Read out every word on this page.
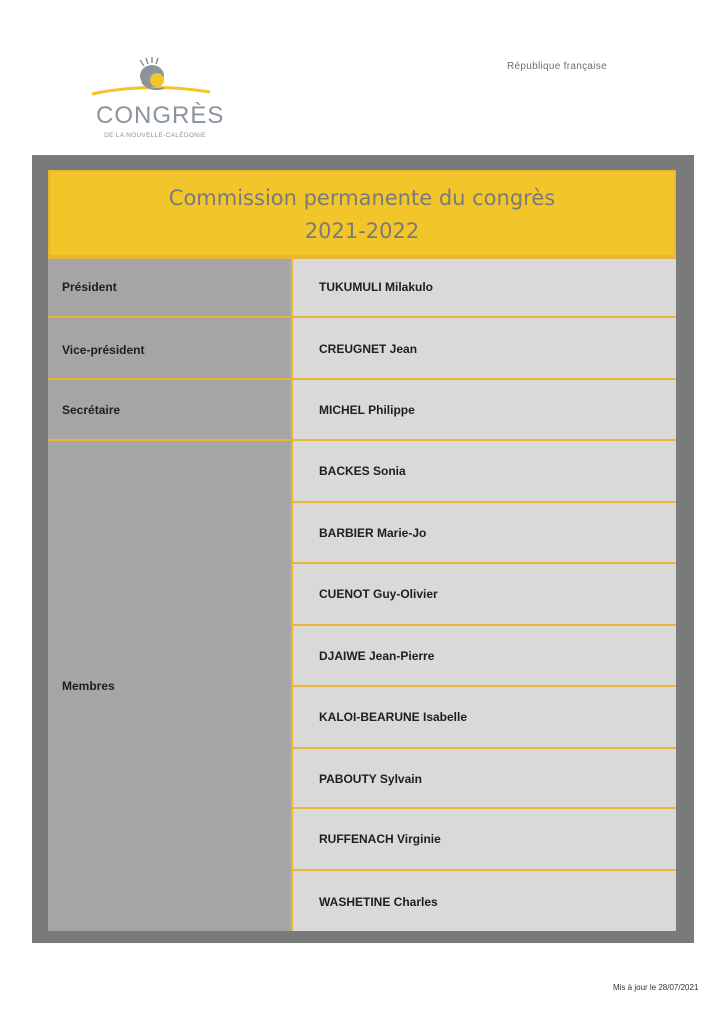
CONGRÈS
DE LA NOUVELLE-CALÉDONIE
République française
Commission permanente du congrès
2021-2022
Président
Vice-président
Secrétaire
Membres
TUKUMULI Milakulo
CREUGNET Jean
MICHEL Philippe
BACKES Sonia
BARBIER Marie-Jo
CUENOT Guy-Olivier
DJAIWE Jean-Pierre
KALOI-BEARUNE Isabelle
PABOUTY Sylvain
RUFFENACH Virginie
WASHETINE Charles
Mis à jour le 28/07/2021
